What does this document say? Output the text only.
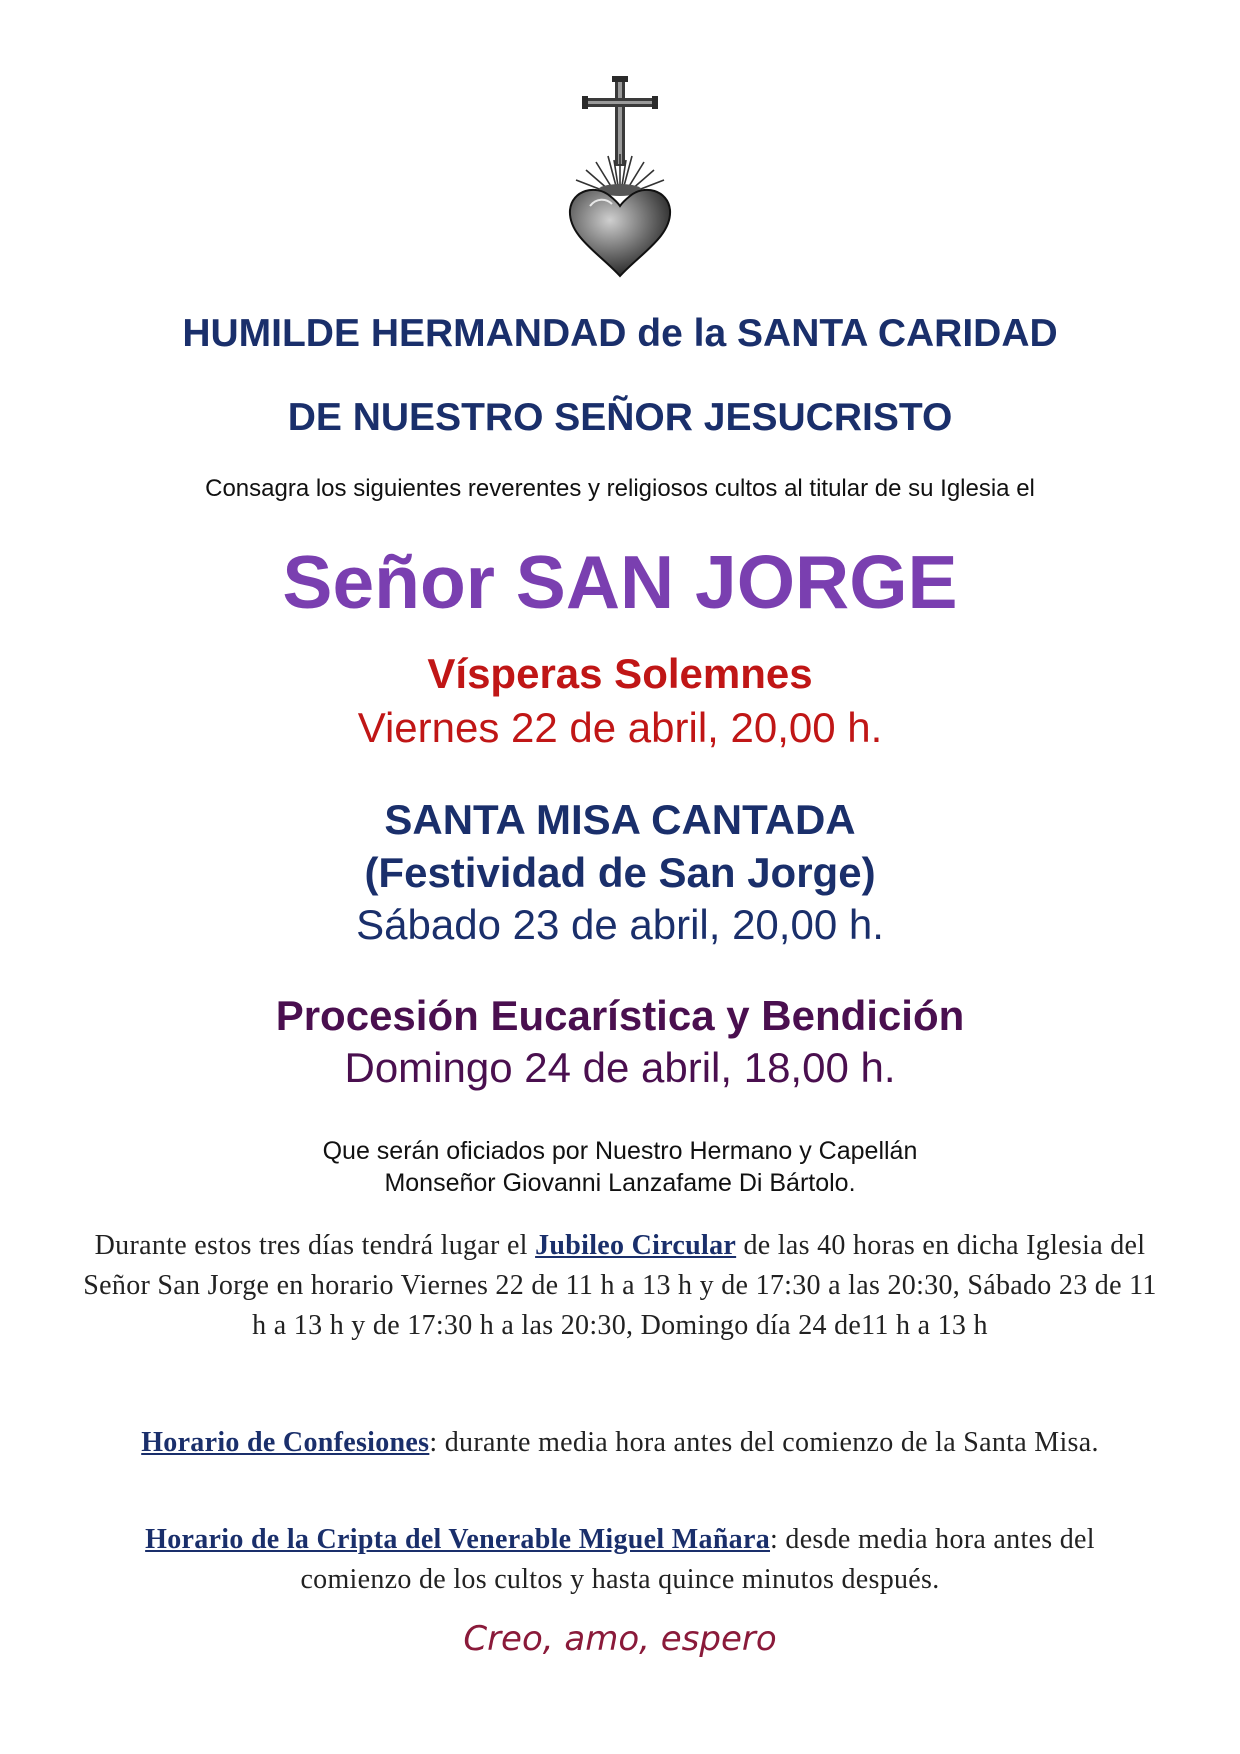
HUMILDE HERMANDAD de la SANTA CARIDAD
DE NUESTRO SEÑOR JESUCRISTO
Consagra los siguientes reverentes y religiosos cultos al titular de su Iglesia el
Señor SAN JORGE
Vísperas Solemnes
Viernes 22 de abril, 20,00 h.
SANTA MISA CANTADA
(Festividad de San Jorge)
Sábado 23 de abril, 20,00 h.
Procesión Eucarística y Bendición
Domingo 24 de abril, 18,00 h.
Que serán oficiados por Nuestro Hermano y Capellán
Monseñor Giovanni Lanzafame Di Bártolo.
Durante estos tres días tendrá lugar el Jubileo Circular de las 40 horas en dicha Iglesia del Señor San Jorge en horario Viernes 22 de 11 h a 13 h y de 17:30 a las 20:30, Sábado 23 de 11 h a 13 h y de 17:30 h a las 20:30, Domingo día 24 de11 h a 13 h
Horario de Confesiones: durante media hora antes del comienzo de la Santa Misa.
Horario de la Cripta del Venerable Miguel Mañara: desde media hora antes del comienzo de los cultos y hasta quince minutos después.
Creo, amo, espero
